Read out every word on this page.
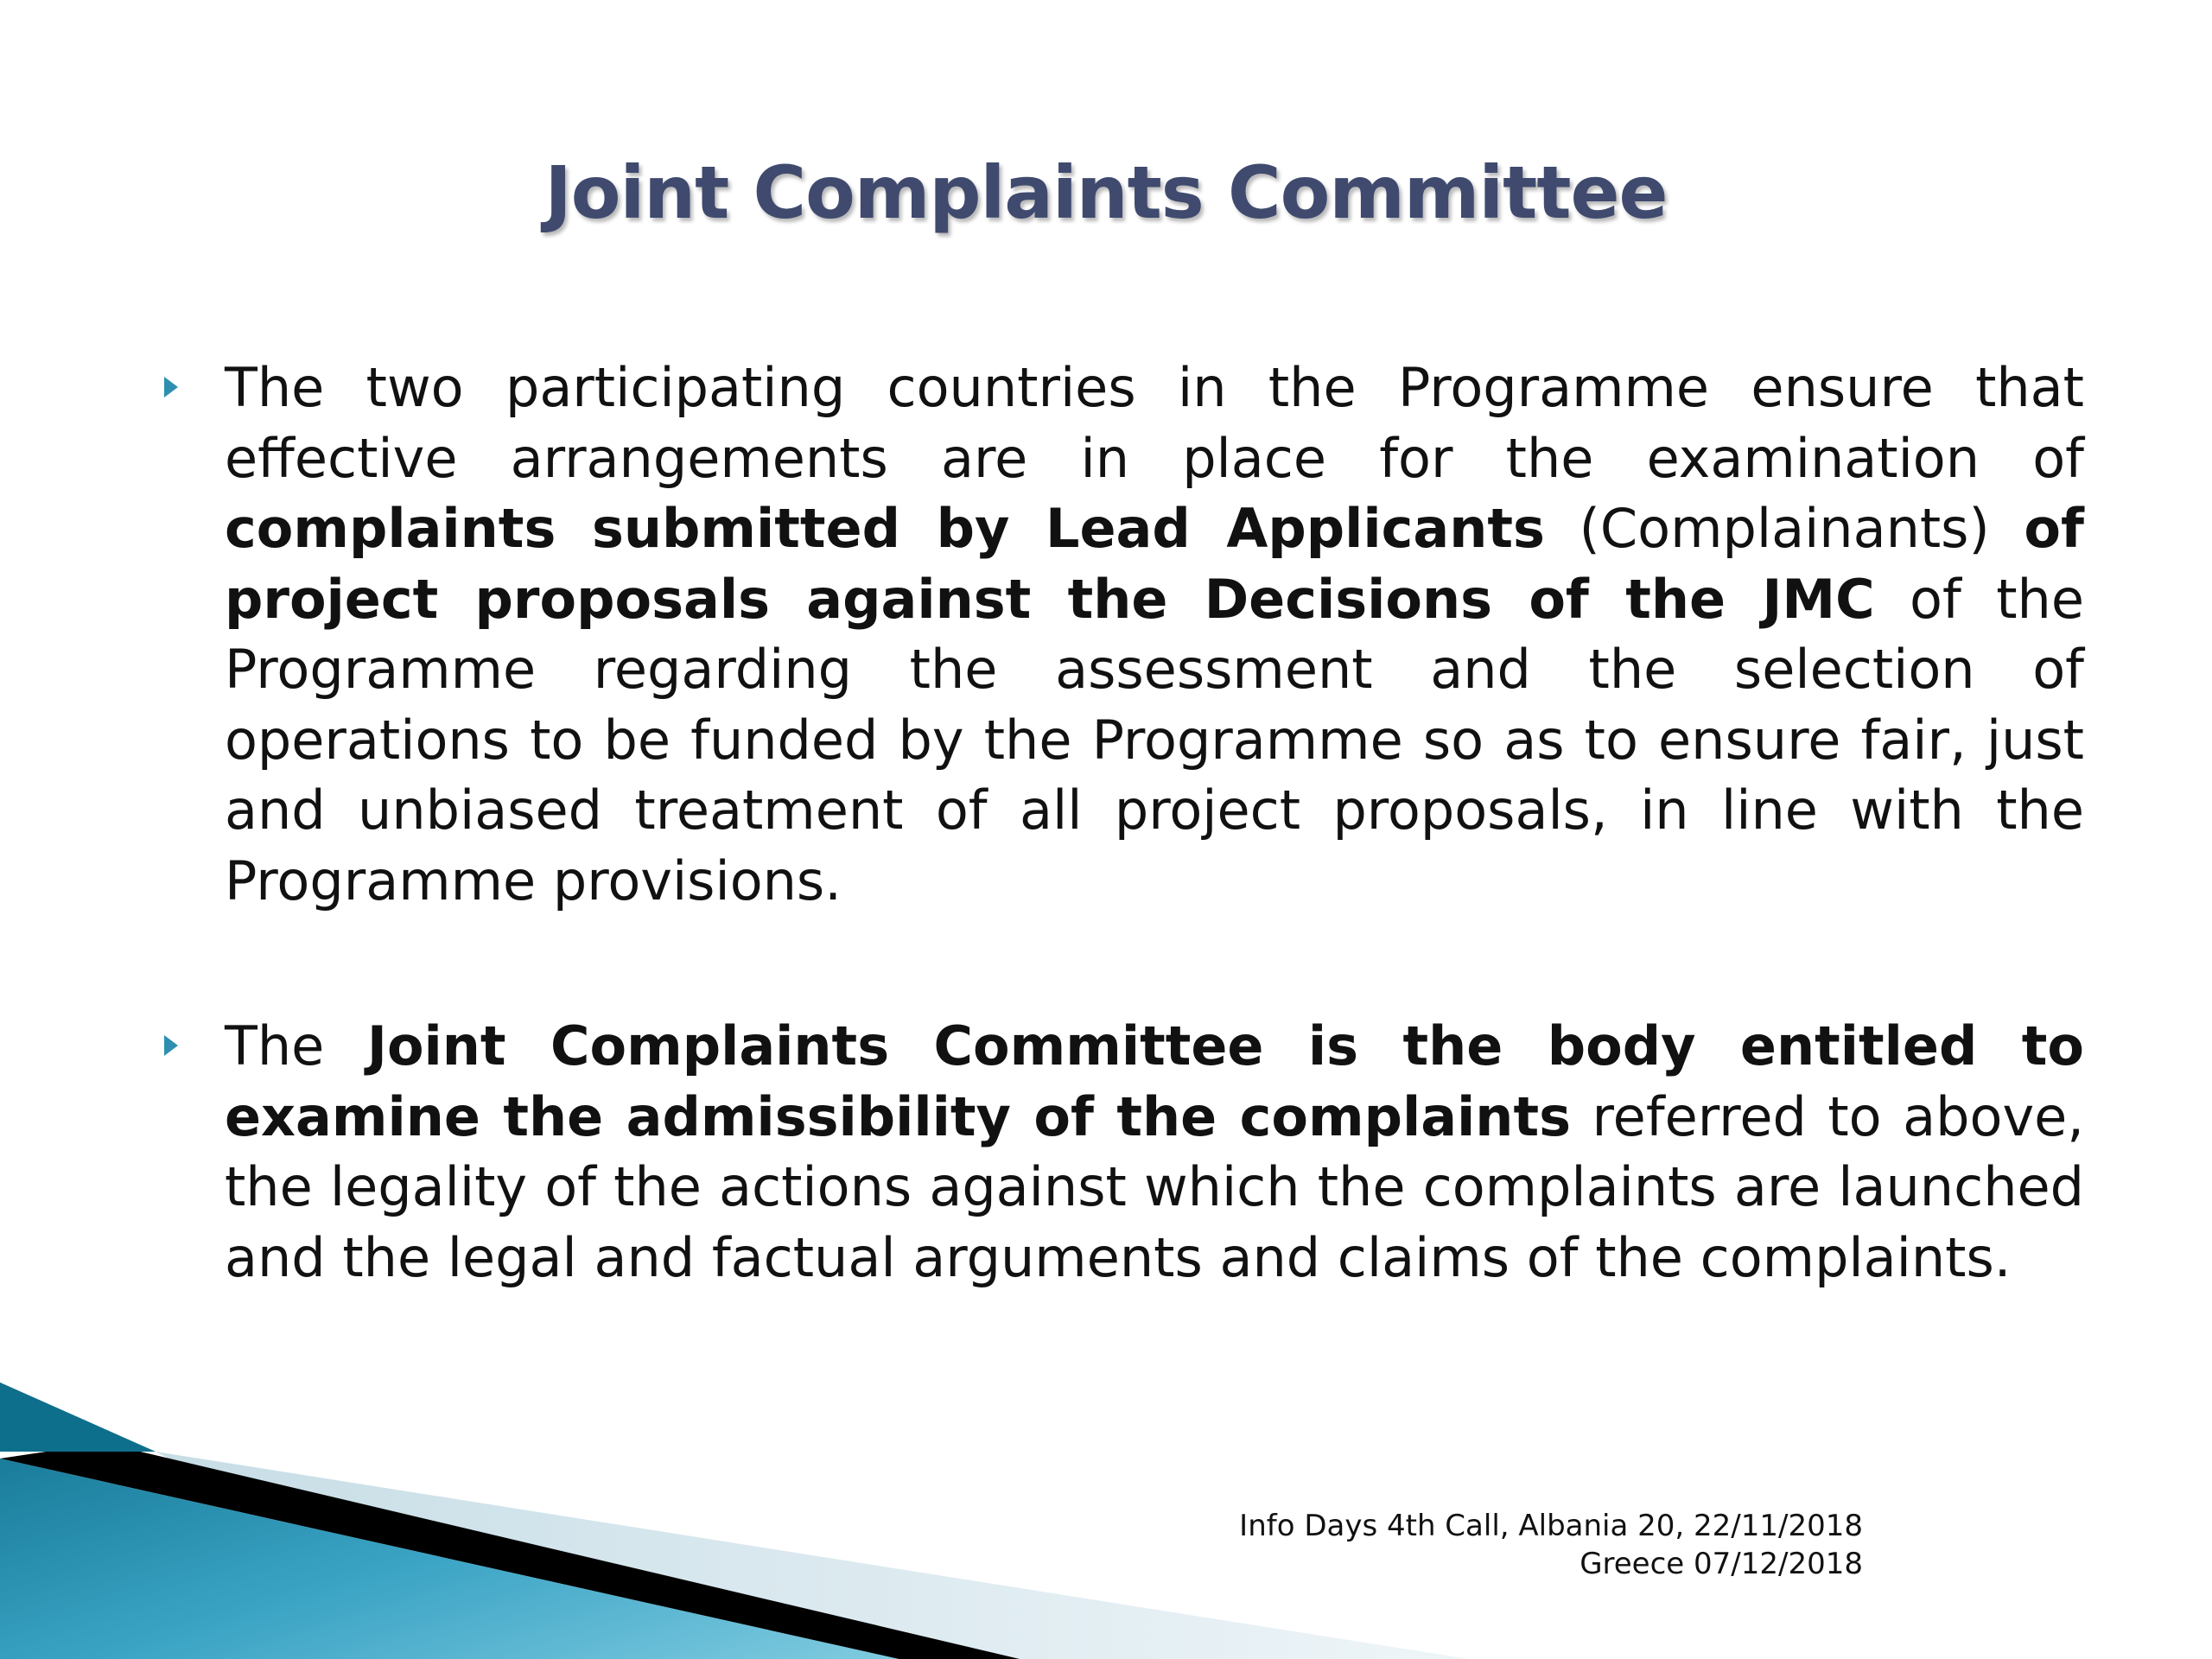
Joint Complaints Committee
The two participating countries in the Programme ensure that effective arrangements are in place for the examination of complaints submitted by Lead Applicants (Complainants) of project proposals against the Decisions of the JMC of the Programme regarding the assessment and the selection of operations to be funded by the Programme so as to ensure fair, just and unbiased treatment of all project proposals, in line with the Programme provisions.
The Joint Complaints Committee is the body entitled to examine the admissibility of the complaints referred to above, the legality of the actions against which the complaints are launched and the legal and factual arguments and claims of the complaints.
Info Days 4th Call, Albania 20, 22/11/2018
Greece 07/12/2018
